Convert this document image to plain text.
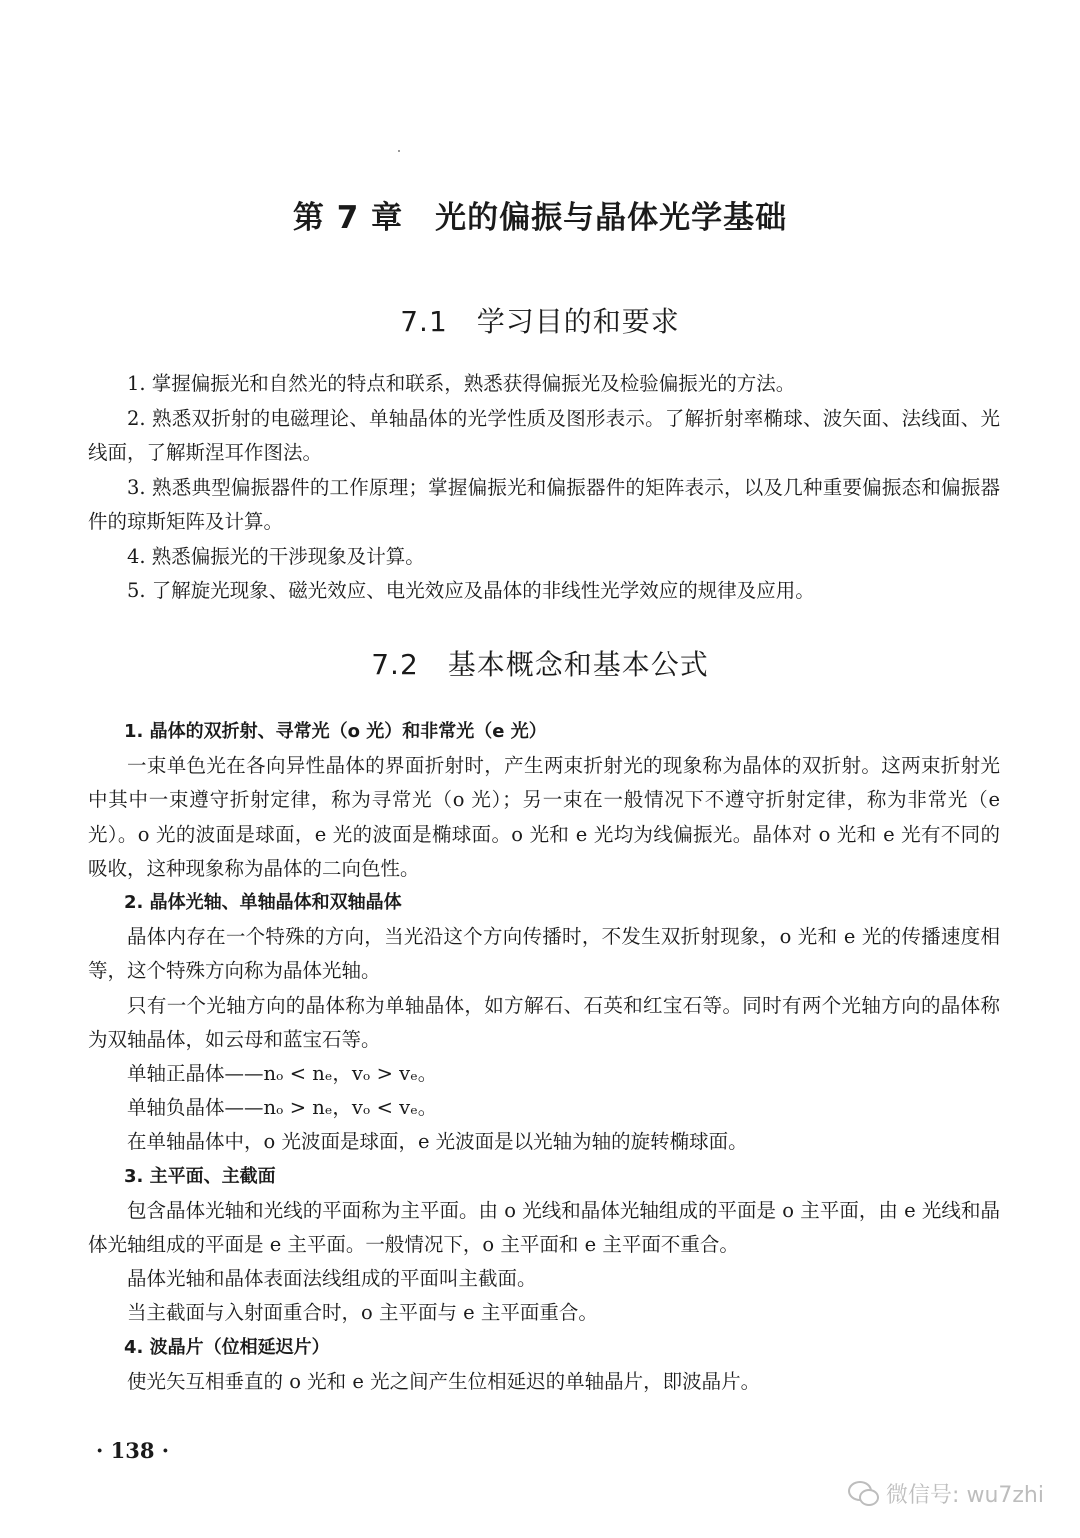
第 7 章　光的偏振与晶体光学基础
7.1　学习目的和要求

1. 掌握偏振光和自然光的特点和联系，熟悉获得偏振光及检验偏振光的方法。

2. 熟悉双折射的电磁理论、单轴晶体的光学性质及图形表示。了解折射率椭球、波矢面、法线面、光线面，了解斯涅耳作图法。

3. 熟悉典型偏振器件的工作原理；掌握偏振光和偏振器件的矩阵表示，以及几种重要偏振态和偏振器件的琼斯矩阵及计算。

4. 熟悉偏振光的干涉现象及计算。

5. 了解旋光现象、磁光效应、电光效应及晶体的非线性光学效应的规律及应用。

7.2　基本概念和基本公式
1. 晶体的双折射、寻常光（o 光）和非常光（e 光）

一束单色光在各向异性晶体的界面折射时，产生两束折射光的现象称为晶体的双折射。这两束折射光中其中一束遵守折射定律，称为寻常光（o 光）；另一束在一般情况下不遵守折射定律，称为非常光（e 光）。o 光的波面是球面，e 光的波面是椭球面。o 光和 e 光均为线偏振光。晶体对 o 光和 e 光有不同的吸收，这种现象称为晶体的二向色性。

2. 晶体光轴、单轴晶体和双轴晶体

晶体内存在一个特殊的方向，当光沿这个方向传播时，不发生双折射现象，o 光和 e 光的传播速度相等，这个特殊方向称为晶体光轴。

只有一个光轴方向的晶体称为单轴晶体，如方解石、石英和红宝石等。同时有两个光轴方向的晶体称为双轴晶体，如云母和蓝宝石等。

单轴正晶体——nₒ < nₑ，vₒ > vₑ。

单轴负晶体——nₒ > nₑ，vₒ < vₑ。

在单轴晶体中，o 光波面是球面，e 光波面是以光轴为轴的旋转椭球面。

3. 主平面、主截面

包含晶体光轴和光线的平面称为主平面。由 o 光线和晶体光轴组成的平面是 o 主平面，由 e 光线和晶体光轴组成的平面是 e 主平面。一般情况下，o 主平面和 e 主平面不重合。

晶体光轴和晶体表面法线组成的平面叫主截面。

当主截面与入射面重合时，o 主平面与 e 主平面重合。

4. 波晶片（位相延迟片）

使光矢互相垂直的 o 光和 e 光之间产生位相延迟的单轴晶片，即波晶片。

· 138 ·

微信号: wu7zhi
